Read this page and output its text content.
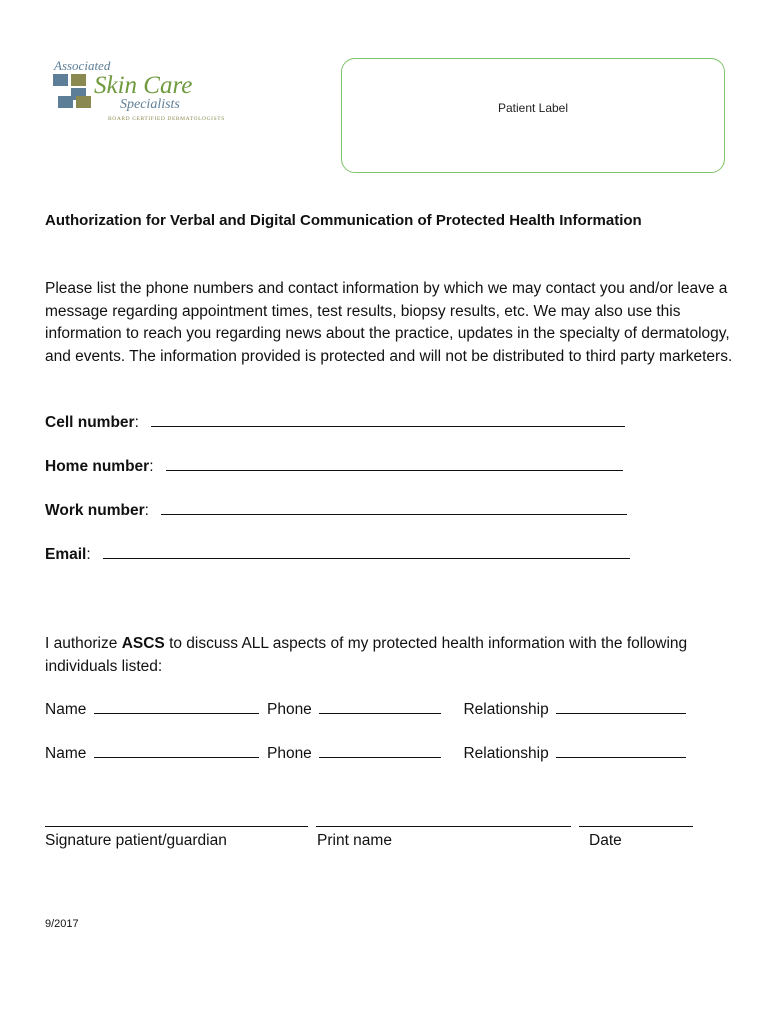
Associated
Skin Care
Specialists
BOARD CERTIFIED DERMATOLOGISTS
Patient Label
Authorization for Verbal and Digital Communication of Protected Health Information
Please list the phone numbers and contact information by which we may contact you and/or leave a message regarding appointment times, test results, biopsy results, etc. We may also use this information to reach you regarding news about the practice, updates in the specialty of dermatology, and events. The information provided is protected and will not be distributed to third party marketers.
Cell number:
Home number:
Work number:
Email:
I authorize ASCS to discuss ALL aspects of my protected health information with the following individuals listed:
Name	Phone	Relationship
Name	Phone	Relationship
Signature patient/guardian	Print name	Date
9/2017
